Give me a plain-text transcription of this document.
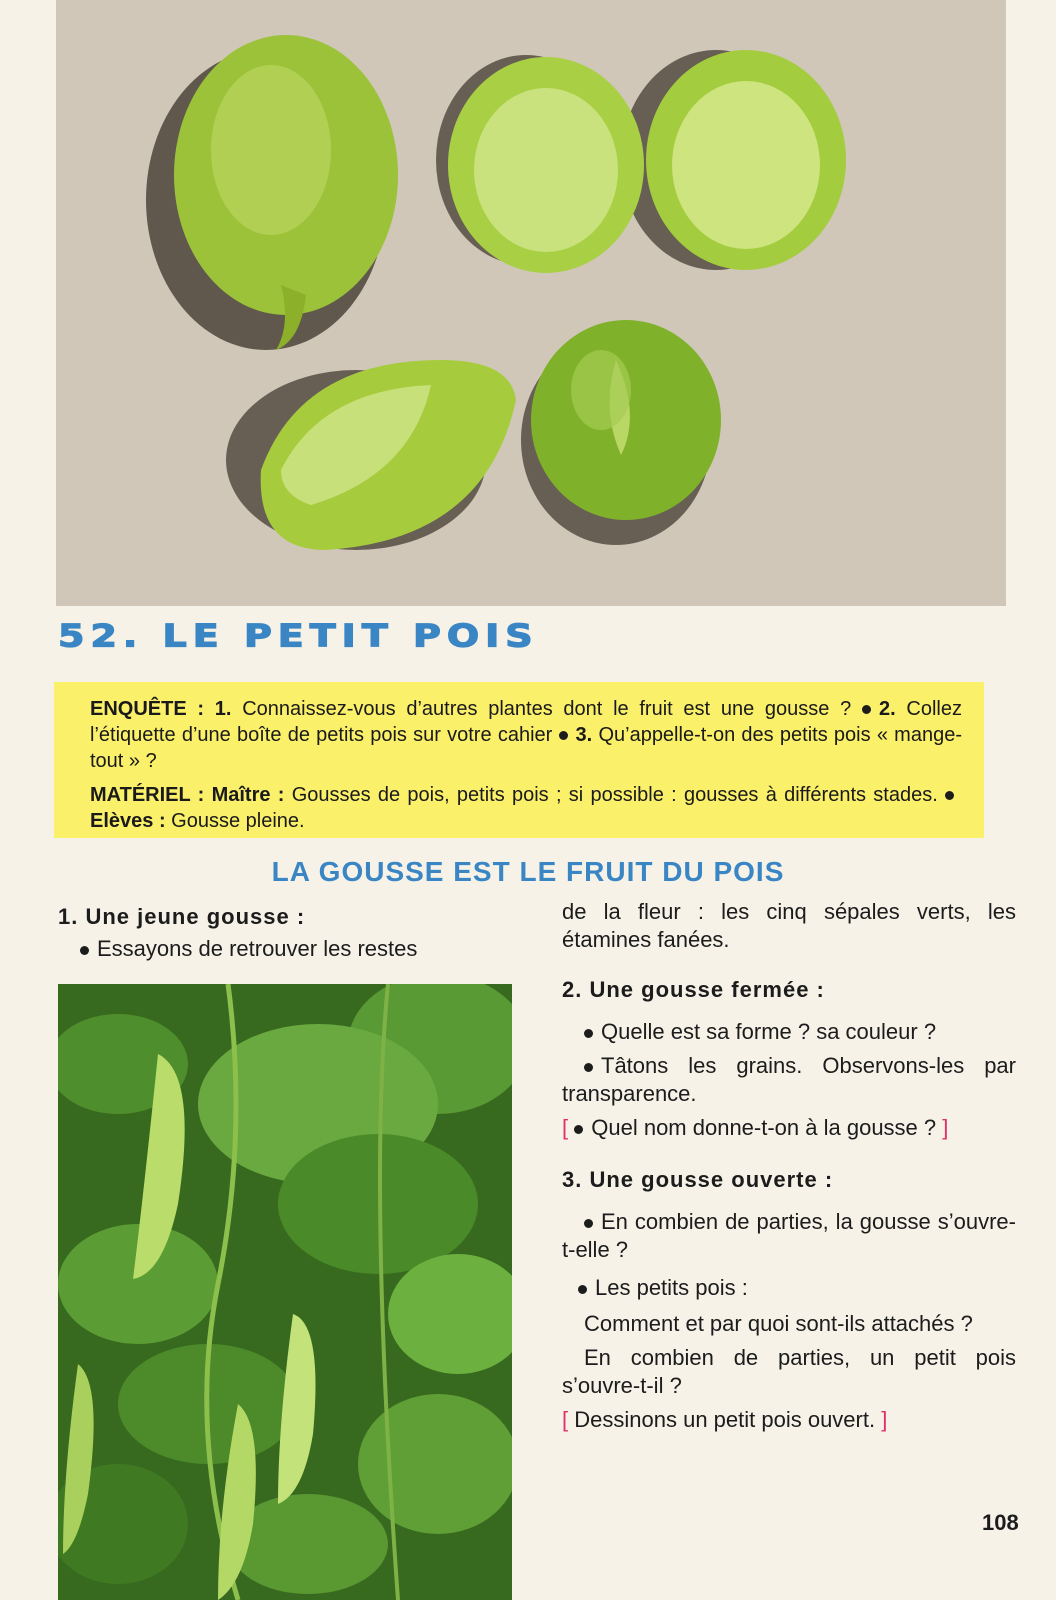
52. LE PETIT POIS

ENQUÊTE : 1. Connaissez-vous d’autres plantes dont le fruit est une gousse ? 2. Collez l’étiquette d’une boîte de petits pois sur votre cahier 3. Qu’appelle-t-on des petits pois « mange-tout » ?

MATÉRIEL : Maître : Gousses de pois, petits pois ; si possible : gousses à différents stades. Elèves : Gousse pleine.

LA GOUSSE EST LE FRUIT DU POIS
1. Une jeune gousse :

Essayons de retrouver les restes

de la fleur : les cinq sépales verts, les étamines fanées.

2. Une gousse fermée :

Quelle est sa forme ? sa couleur ?

Tâtons les grains. Observons-les par transparence.

[ Quel nom donne-t-on à la gousse ? ]

3. Une gousse ouverte :

En combien de parties, la gousse s’ouvre-t-elle ?

Les petits pois :

Comment et par quoi sont-ils attachés ?

En combien de parties, un petit pois s’ouvre-t-il ?

[ Dessinons un petit pois ouvert. ]

108
